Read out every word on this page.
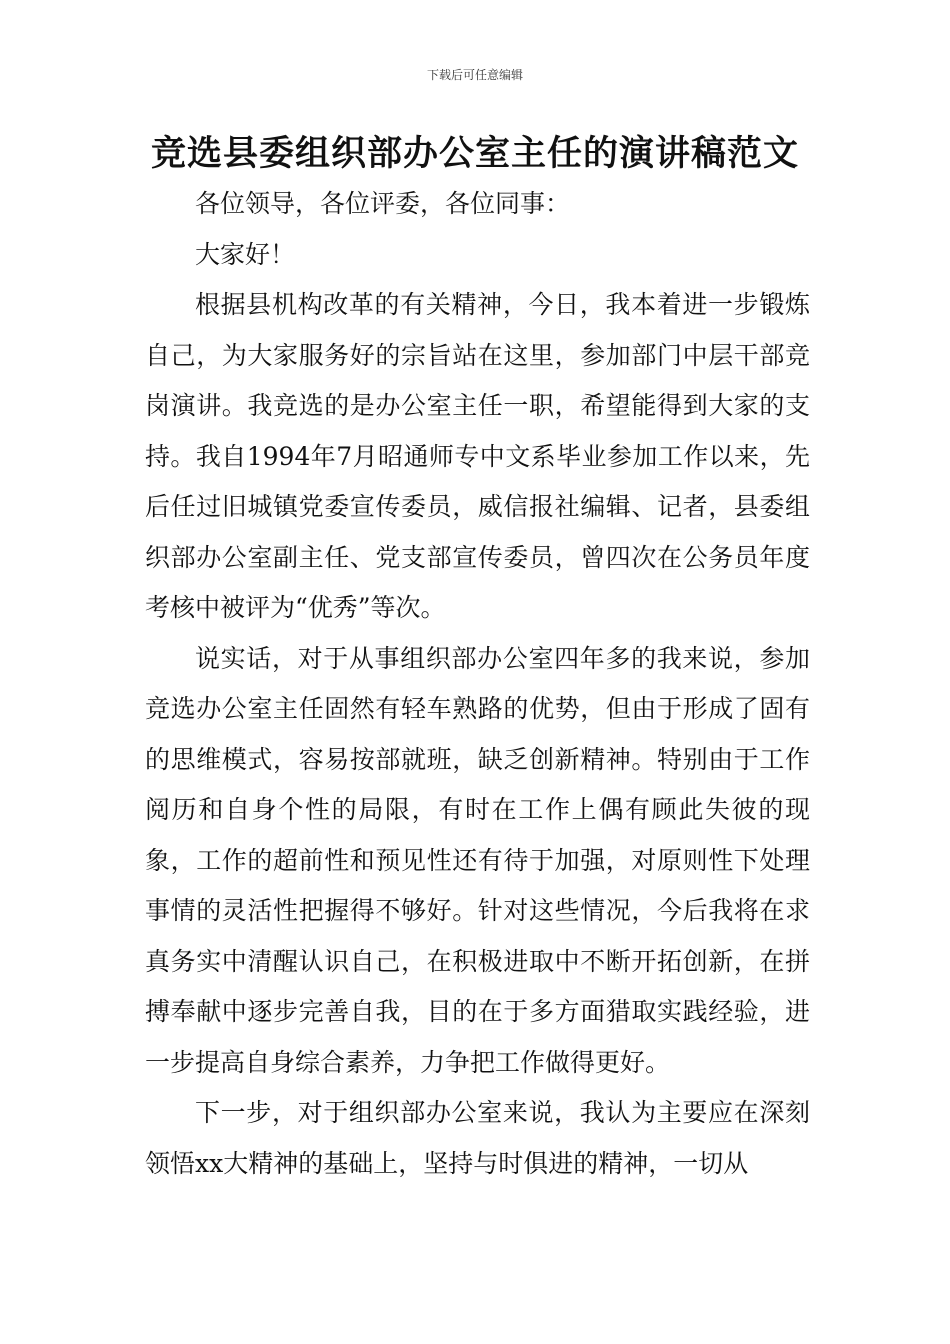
下载后可任意编辑
竞选县委组织部办公室主任的演讲稿范文

各位领导，各位评委，各位同事：

大家好！

根据县机构改革的有关精神，今日，我本着进一步锻炼自己，为大家服务好的宗旨站在这里，参加部门中层干部竞岗演讲。我竞选的是办公室主任一职，希望能得到大家的支持。我自1994年7月昭通师专中文系毕业参加工作以来，先后任过旧城镇党委宣传委员，威信报社编辑、记者，县委组织部办公室副主任、党支部宣传委员，曾四次在公务员年度考核中被评为“优秀”等次。

说实话，对于从事组织部办公室四年多的我来说，参加竞选办公室主任固然有轻车熟路的优势，但由于形成了固有的思维模式，容易按部就班，缺乏创新精神。特别由于工作阅历和自身个性的局限，有时在工作上偶有顾此失彼的现象，工作的超前性和预见性还有待于加强，对原则性下处理事情的灵活性把握得不够好。针对这些情况，今后我将在求真务实中清醒认识自己，在积极进取中不断开拓创新，在拼搏奉献中逐步完善自我，目的在于多方面猎取实践经验，进一步提高自身综合素养，力争把工作做得更好。

下一步，对于组织部办公室来说，我认为主要应在深刻领悟xx大精神的基础上，坚持与时俱进的精神，一切从
